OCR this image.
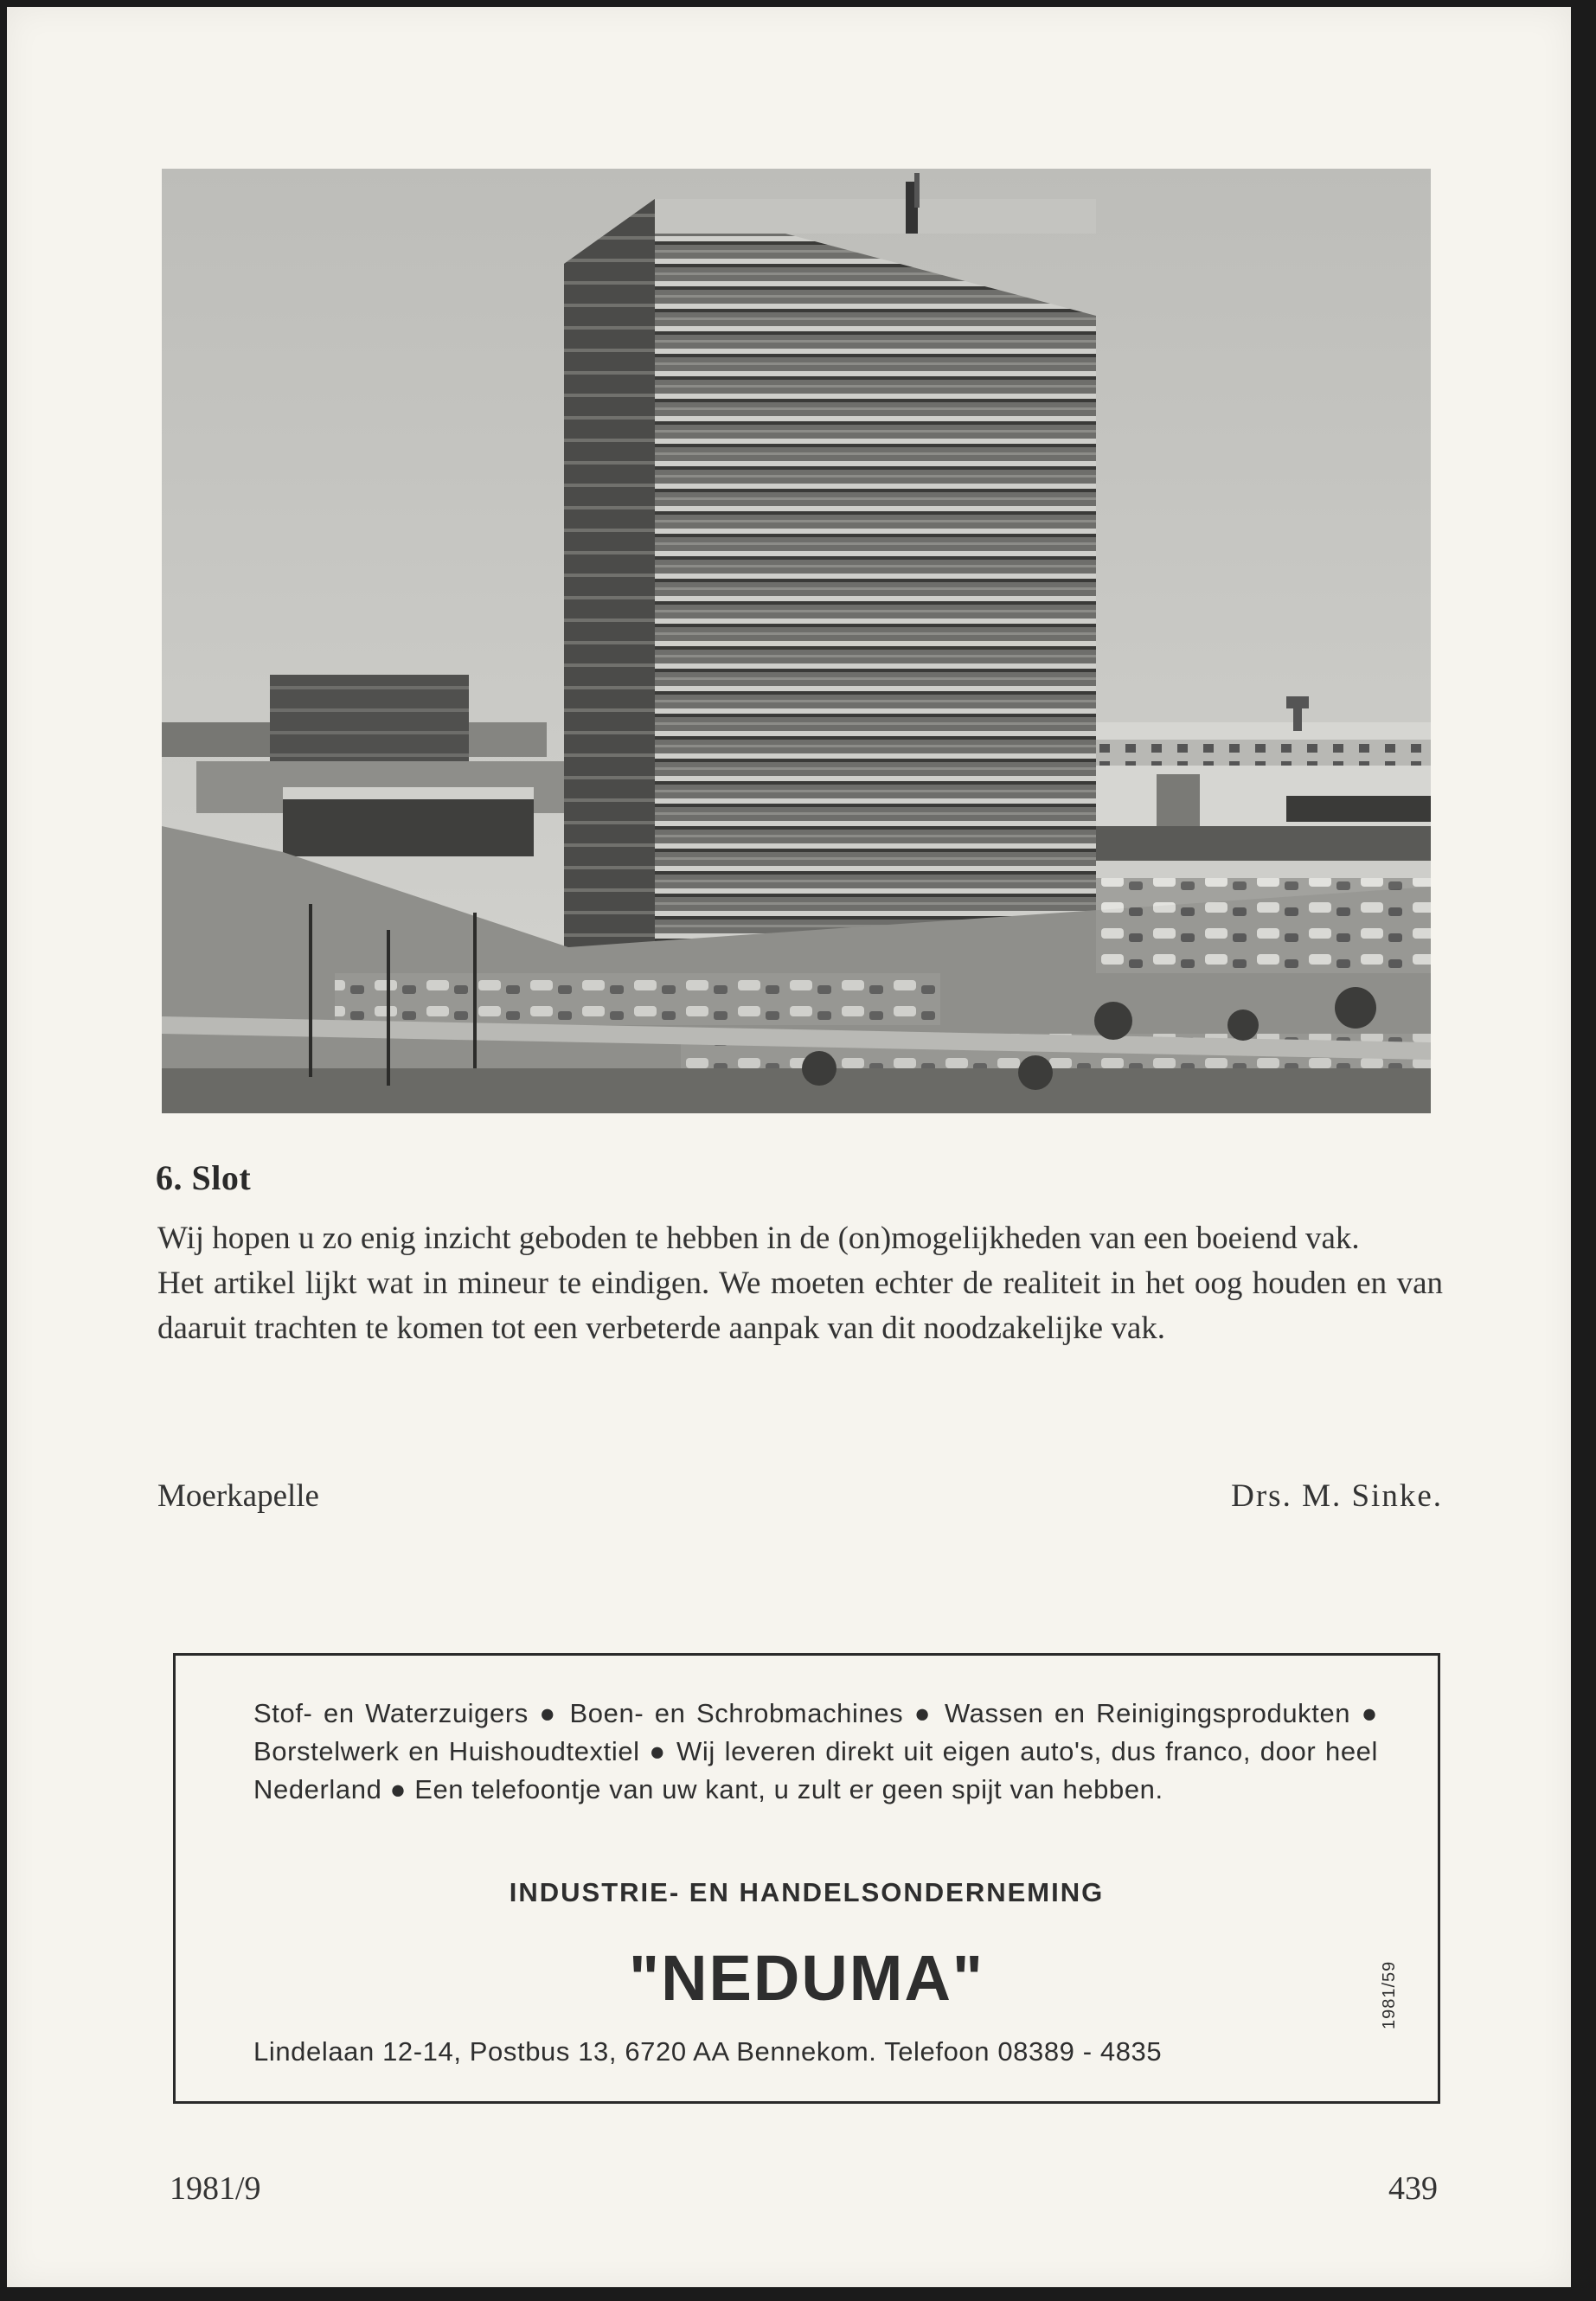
6. Slot

Wij hopen u zo enig inzicht geboden te hebben in de (on)mogelijkheden van een boeiend vak.

Het artikel lijkt wat in mineur te eindigen. We moeten echter de realiteit in het oog houden en van daaruit trachten te komen tot een verbeterde aanpak van dit noodzakelijke vak.

Moerkapelle	Drs. M. Sinke.
Stof- en Waterzuigers ● Boen- en Schrobmachines ● Wassen en Reinigingsprodukten ● Borstelwerk en Huishoudtextiel ● Wij leveren direkt uit eigen auto's, dus franco, door heel Nederland ● Een telefoontje van uw kant, u zult er geen spijt van hebben.
INDUSTRIE- EN HANDELSONDERNEMING
"NEDUMA"
Lindelaan 12-14, Postbus 13, 6720 AA Bennekom. Telefoon 08389 - 4835
1981/59
1981/9	439
